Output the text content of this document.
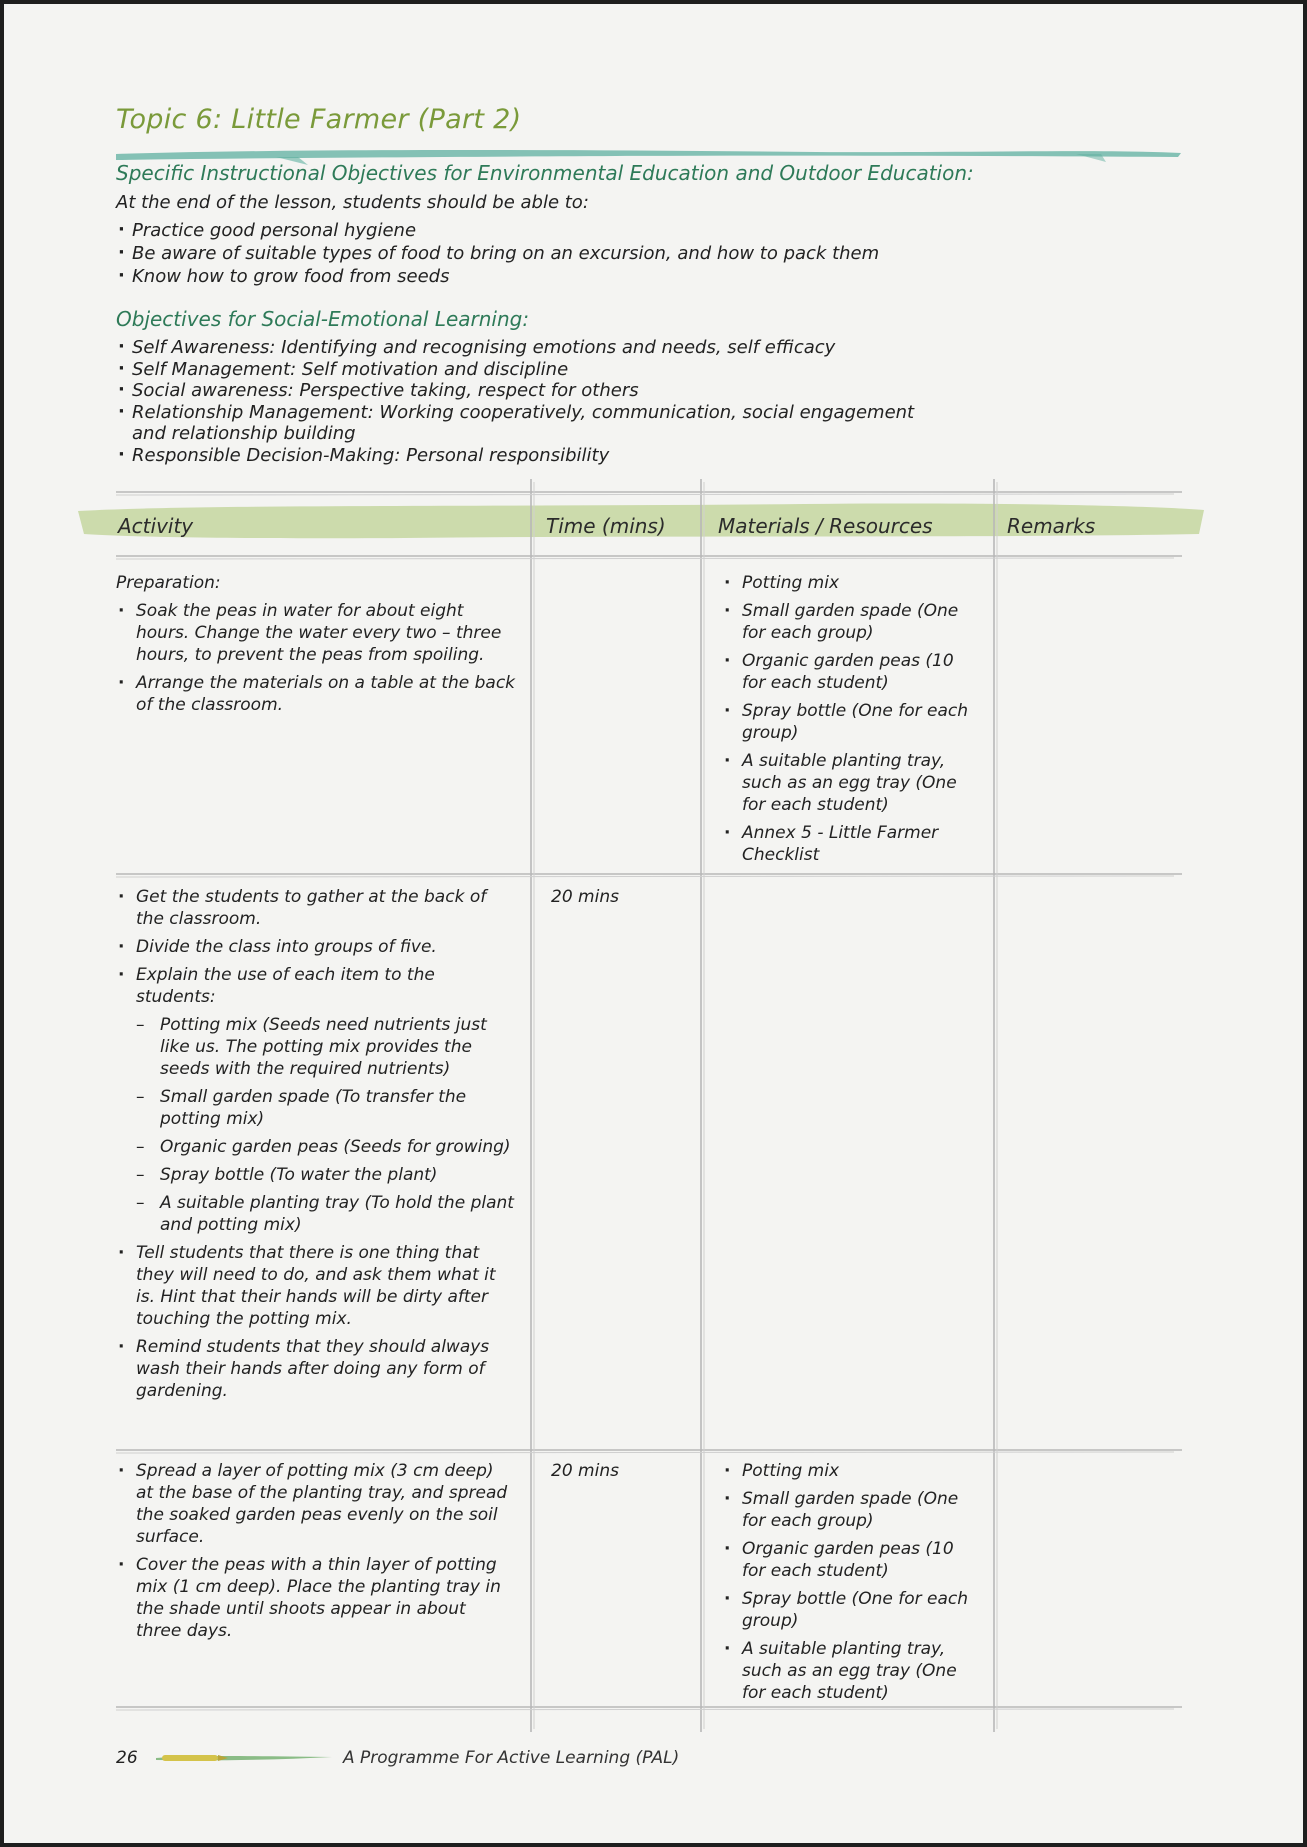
Topic 6: Little Farmer (Part 2)
Specific Instructional Objectives for Environmental Education and Outdoor Education:
At the end of the lesson, students should be able to:
· Practice good personal hygiene
· Be aware of suitable types of food to bring on an excursion, and how to pack them
· Know how to grow food from seeds
Objectives for Social-Emotional Learning:
· Self Awareness: Identifying and recognising emotions and needs, self efficacy
· Self Management: Self motivation and discipline
· Social awareness: Perspective taking, respect for others
· Relationship Management: Working cooperatively, communication, social engagement
and relationship building
· Responsible Decision-Making: Personal responsibility
Activity	Time (mins)	Materials / Resources	Remarks

Preparation:

· Soak the peas in water for about eight hours. Change the water every two – three hours, to prevent the peas from spoiling.
· Arrange the materials on a table at the back of the classroom.
· Potting mix
· Small garden spade (One for each group)
· Organic garden peas (10 for each student)
· Spray bottle (One for each group)
· A suitable planting tray, such as an egg tray (One for each student)
· Annex 5 - Little Farmer Checklist
· Get the students to gather at the back of the classroom.
· Divide the class into groups of five.
· Explain the use of each item to the students:
– Potting mix (Seeds need nutrients just like us. The potting mix provides the seeds with the required nutrients)
– Small garden spade (To transfer the potting mix)
– Organic garden peas (Seeds for growing)
– Spray bottle (To water the plant)
– A suitable planting tray (To hold the plant and potting mix)
· Tell students that there is one thing that they will need to do, and ask them what it is. Hint that their hands will be dirty after touching the potting mix.
· Remind students that they should always wash their hands after doing any form of gardening.
20 mins
· Spread a layer of potting mix (3 cm deep) at the base of the planting tray, and spread the soaked garden peas evenly on the soil surface.
· Cover the peas with a thin layer of potting mix (1 cm deep). Place the planting tray in the shade until shoots appear in about three days.
20 mins
·	Potting mix
· Small garden spade (One for each group)
· Organic garden peas (10 for each student)
· Spray bottle (One for each group)
· A suitable planting tray, such as an egg tray (One for each student)
26	A Programme For Active Learning (PAL)
